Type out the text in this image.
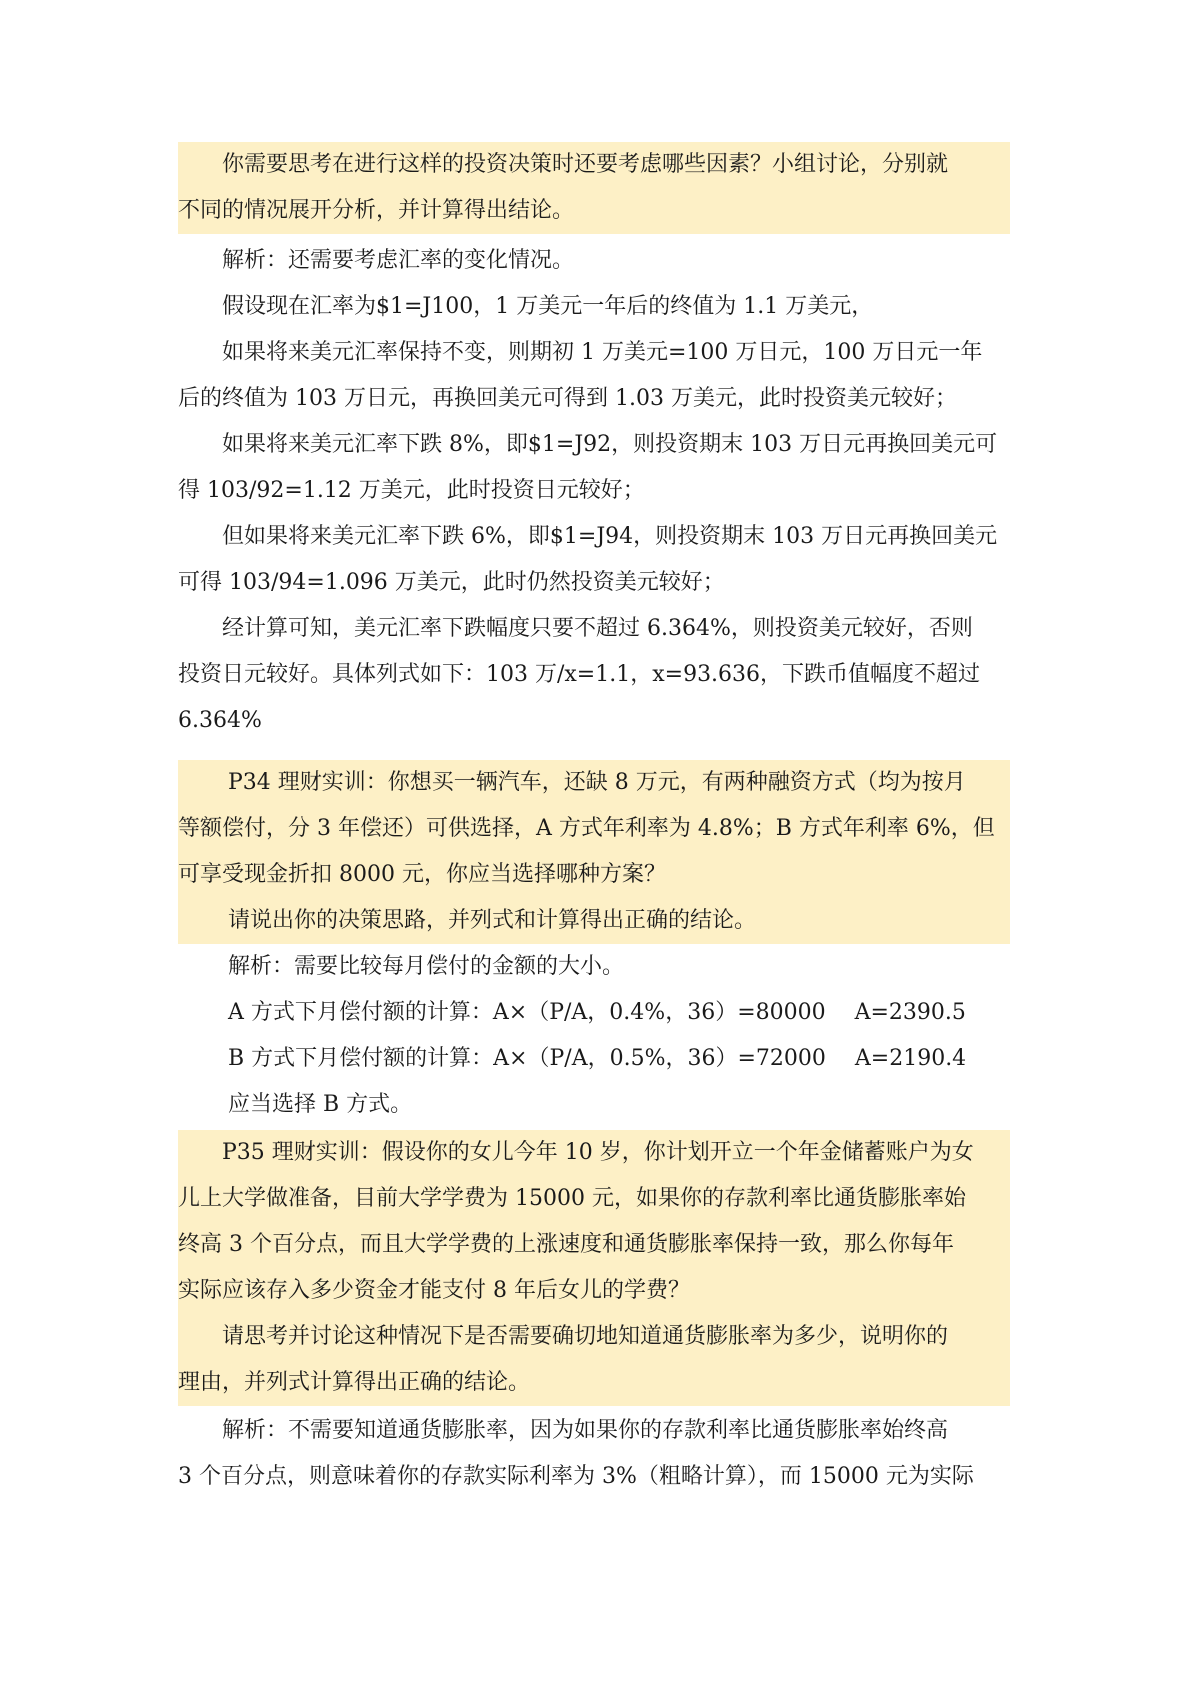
你需要思考在进行这样的投资决策时还要考虑哪些因素？小组讨论，分别就
不同的情况展开分析，并计算得出结论。
解析：还需要考虑汇率的变化情况。
假设现在汇率为$1=J100，1 万美元一年后的终值为 1.1 万美元，
如果将来美元汇率保持不变，则期初 1 万美元=100 万日元，100 万日元一年
后的终值为 103 万日元，再换回美元可得到 1.03 万美元，此时投资美元较好；
如果将来美元汇率下跌 8%，即$1=J92，则投资期末 103 万日元再换回美元可
得 103/92=1.12 万美元，此时投资日元较好；
但如果将来美元汇率下跌 6%，即$1=J94，则投资期末 103 万日元再换回美元
可得 103/94=1.096 万美元，此时仍然投资美元较好；
经计算可知，美元汇率下跌幅度只要不超过 6.364%，则投资美元较好，否则
投资日元较好。具体列式如下：103 万/x=1.1，x=93.636，下跌币值幅度不超过
6.364%
P34 理财实训：你想买一辆汽车，还缺 8 万元，有两种融资方式（均为按月
等额偿付，分 3 年偿还）可供选择，A 方式年利率为 4.8%；B 方式年利率 6%，但
可享受现金折扣 8000 元，你应当选择哪种方案？
请说出你的决策思路，并列式和计算得出正确的结论。
解析：需要比较每月偿付的金额的大小。
A 方式下月偿付额的计算：A×（P/A，0.4%，36）=80000　 A=2390.5
B 方式下月偿付额的计算：A×（P/A，0.5%，36）=72000　 A=2190.4
应当选择 B 方式。
P35 理财实训：假设你的女儿今年 10 岁，你计划开立一个年金储蓄账户为女
儿上大学做准备，目前大学学费为 15000 元，如果你的存款利率比通货膨胀率始
终高 3 个百分点，而且大学学费的上涨速度和通货膨胀率保持一致，那么你每年
实际应该存入多少资金才能支付 8 年后女儿的学费？
请思考并讨论这种情况下是否需要确切地知道通货膨胀率为多少，说明你的
理由，并列式计算得出正确的结论。
解析：不需要知道通货膨胀率，因为如果你的存款利率比通货膨胀率始终高
3 个百分点，则意味着你的存款实际利率为 3%（粗略计算），而 15000 元为实际
